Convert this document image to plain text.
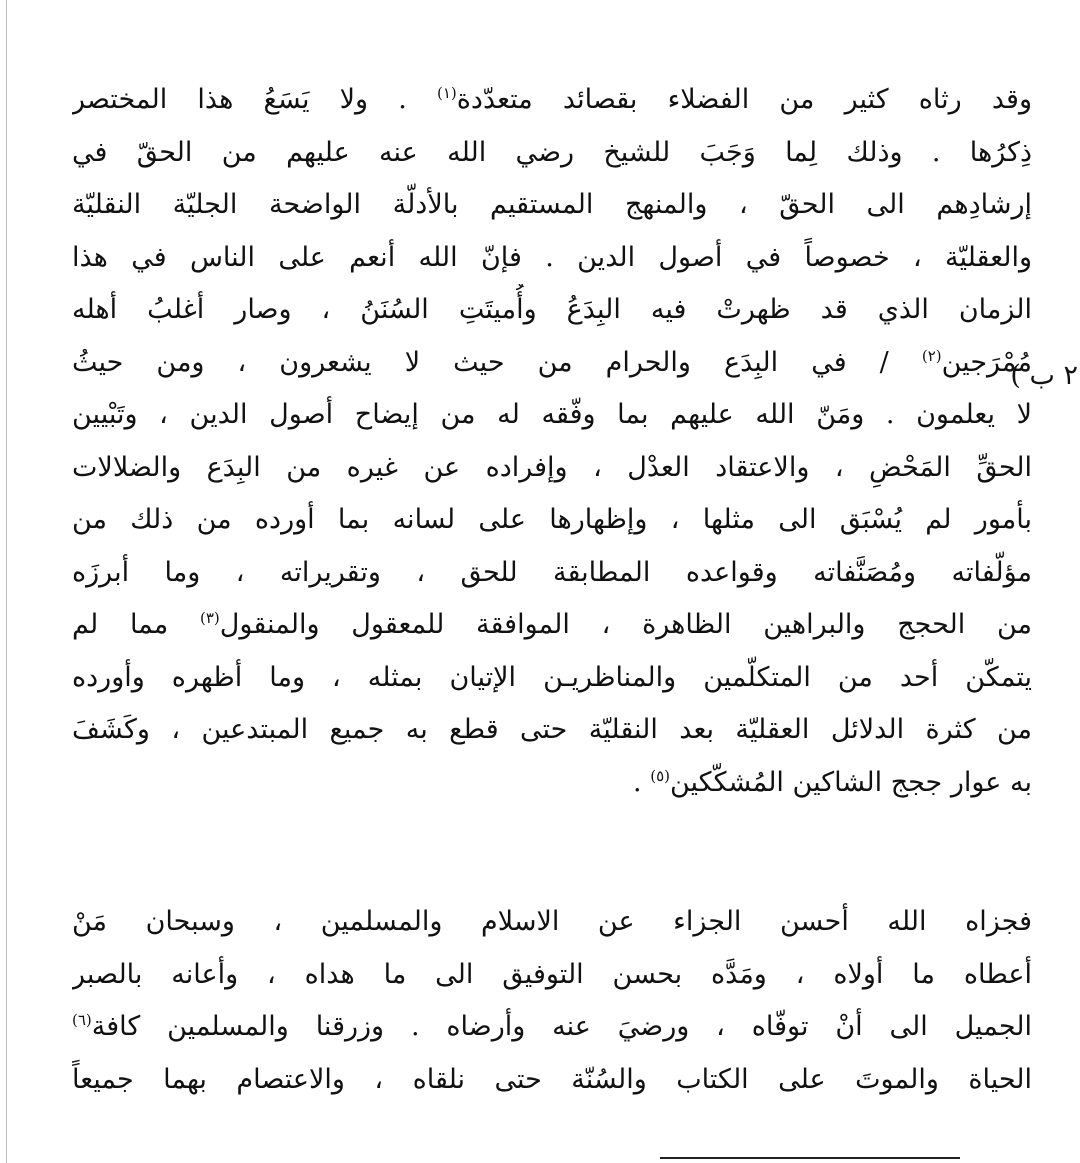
٢ ب )
وقد رثاه كثير من الفضلاء بقصائد متعدّدة$^{(١)}$ . ولا يَسَعُ هذا المختصر
ذِكرُها . وذلك لِما وَجَبَ للشيخ رضي الله عنه عليهم من الحقّ في
إرشادِهم الى الحقّ ، والمنهج المستقيم بالأدلّة الواضحة الجليّة النقليّة
والعقليّة ، خصوصاً في أصول الدين . فإنّ الله أنعم على الناس في هذا
الزمان الذي قد ظهرتْ فيه البِدَعُ وأُميتَتِ السُنَنُ ، وصار أغلبُ أهله
مُمْرَجين$^{(٢)}$ / في البِدَع والحرام من حيث لا يشعرون ، ومن حيثُ
لا يعلمون . ومَنّ الله عليهم بما وفّقه له من إيضاح أصول الدين ، وتَبْيين
الحقِّ المَحْضِ ، والاعتقاد العدْل ، وإفراده عن غيره من البِدَع والضلالات
بأمور لم يُسْبَق الى مثلها ، وإظهارها على لسانه بما أورده من ذلك من
مؤلّفاته ومُصَنَّفاته وقواعده المطابقة للحق ، وتقريراته ، وما أبرزَه
من الحجج والبراهين الظاهرة ، الموافقة للمعقول والمنقول$^{(٣)}$ مما لم
يتمكّن أحد من المتكلّمين والمناظريـن الإتيان بمثله ، وما أظهره وأورده
من كثرة الدلائل العقليّة بعد النقليّة حتى قطع به جميع المبتدعين ، وكَشَفَ
به عوار ججج الشاكين المُشكّكين$^{(٥)}$ .
فجزاه الله أحسن الجزاء عن الاسلام والمسلمين ، وسبحان مَنْ
أعطاه ما أولاه ، ومَدَّه بحسن التوفيق الى ما هداه ، وأعانه بالصبر
الجميل الى أنْ توفّاه ، ورضيَ عنه وأرضاه . وزرقنا والمسلمين كافة$^{(٦)}$
الحياة والموتَ على الكتاب والسُنّة حتى نلقاه ، والاعتصام بهما جميعاً
